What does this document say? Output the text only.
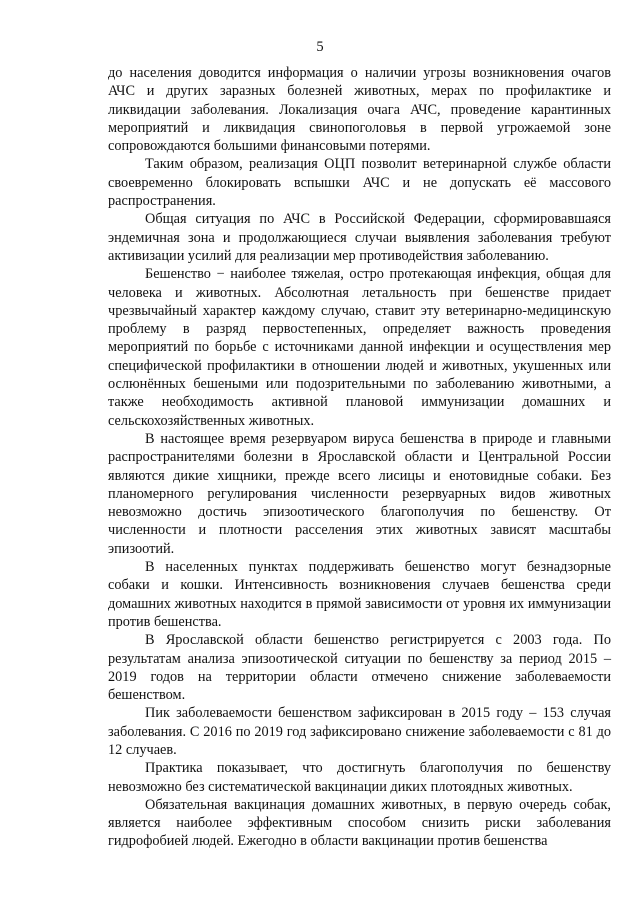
5

до населения доводится информация о наличии угрозы возникновения очагов АЧС и других заразных болезней животных, мерах по профилактике и ликвидации заболевания. Локализация очага АЧС, проведение карантинных мероприятий и ликвидация свинопоголовья в первой угрожаемой зоне сопровождаются большими финансовыми потерями.

Таким образом, реализация ОЦП позволит ветеринарной службе области своевременно блокировать вспышки АЧС и не допускать её массового распространения.

Общая ситуация по АЧС в Российской Федерации, сформировавшаяся эндемичная зона и продолжающиеся случаи выявления заболевания требуют активизации усилий для реализации мер противодействия заболеванию.

Бешенство − наиболее тяжелая, остро протекающая инфекция, общая для человека и животных. Абсолютная летальность при бешенстве придает чрезвычайный характер каждому случаю, ставит эту ветеринарно-медицинскую проблему в разряд первостепенных, определяет важность проведения мероприятий по борьбе с источниками данной инфекции и осуществления мер специфической профилактики в отношении людей и животных, укушенных или ослюнённых бешеными или подозрительными по заболеванию животными, а также необходимость активной плановой иммунизации домашних и сельскохозяйственных животных.

В настоящее время резервуаром вируса бешенства в природе и главными распространителями болезни в Ярославской области и Центральной России являются дикие хищники, прежде всего лисицы и енотовидные собаки. Без планомерного регулирования численности резервуарных видов животных невозможно достичь эпизоотического благополучия по бешенству. От численности и плотности расселения этих животных зависят масштабы эпизоотий.

В населенных пунктах поддерживать бешенство могут безнадзорные собаки и кошки. Интенсивность возникновения случаев бешенства среди домашних животных находится в прямой зависимости от уровня их иммунизации против бешенства.

В Ярославской области бешенство регистрируется с 2003 года. По результатам анализа эпизоотической ситуации по бешенству за период 2015 – 2019 годов на территории области отмечено снижение заболеваемости бешенством.

Пик заболеваемости бешенством зафиксирован в 2015 году – 153 случая заболевания. С 2016 по 2019 год зафиксировано снижение заболеваемости с 81 до 12 случаев.

Практика показывает, что достигнуть благополучия по бешенству невозможно без систематической вакцинации диких плотоядных животных.

Обязательная вакцинация домашних животных, в первую очередь собак, является наиболее эффективным способом снизить риски заболевания гидрофобией людей. Ежегодно в области вакцинации против бешенства
